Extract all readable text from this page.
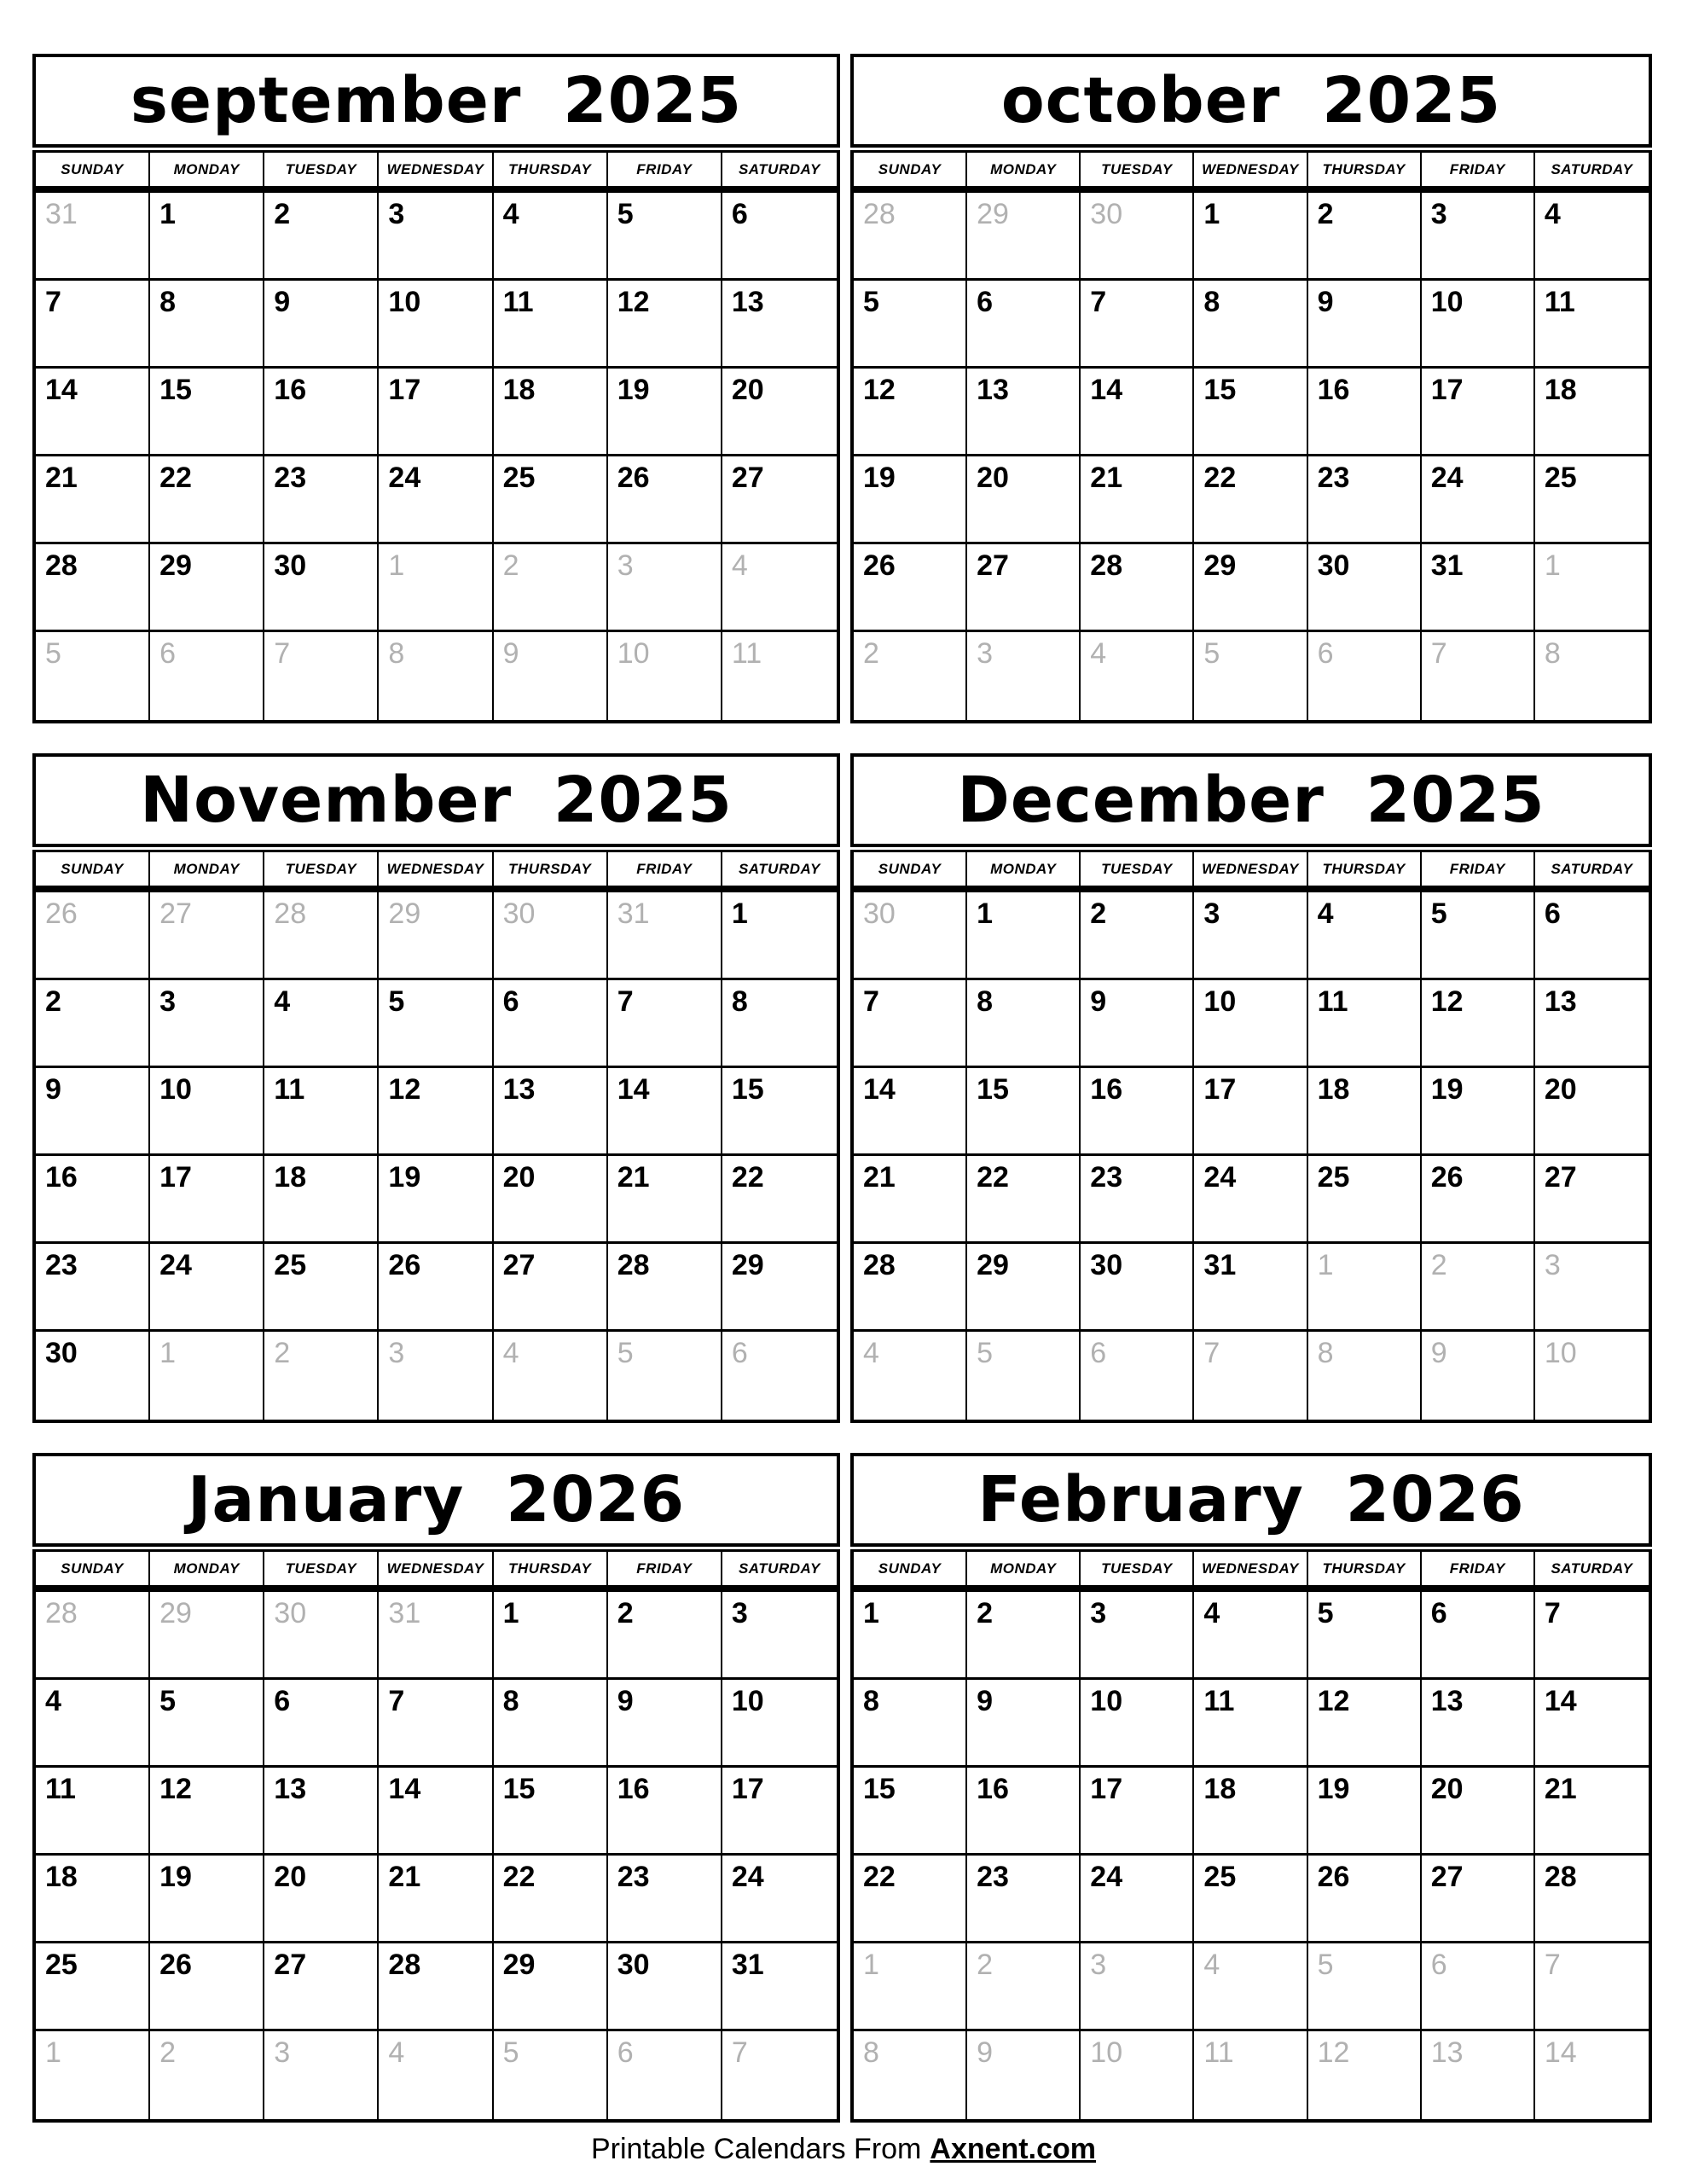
september 2025
SUNDAY	MONDAY	TUESDAY	WEDNESDAY	THURSDAY	FRIDAY	SATURDAY
31	1	2	3	4	5	6
7	8	9	10	11	12	13
14	15	16	17	18	19	20
21	22	23	24	25	26	27
28	29	30	1	2	3	4
5	6	7	8	9	10	11
october 2025
SUNDAY	MONDAY	TUESDAY	WEDNESDAY	THURSDAY	FRIDAY	SATURDAY
28	29	30	1	2	3	4
5	6	7	8	9	10	11
12	13	14	15	16	17	18
19	20	21	22	23	24	25
26	27	28	29	30	31	1
2	3	4	5	6	7	8
November 2025
SUNDAY	MONDAY	TUESDAY	WEDNESDAY	THURSDAY	FRIDAY	SATURDAY
26	27	28	29	30	31	1
2	3	4	5	6	7	8
9	10	11	12	13	14	15
16	17	18	19	20	21	22
23	24	25	26	27	28	29
30	1	2	3	4	5	6
December 2025
SUNDAY	MONDAY	TUESDAY	WEDNESDAY	THURSDAY	FRIDAY	SATURDAY
30	1	2	3	4	5	6
7	8	9	10	11	12	13
14	15	16	17	18	19	20
21	22	23	24	25	26	27
28	29	30	31	1	2	3
4	5	6	7	8	9	10
January 2026
SUNDAY	MONDAY	TUESDAY	WEDNESDAY	THURSDAY	FRIDAY	SATURDAY
28	29	30	31	1	2	3
4	5	6	7	8	9	10
11	12	13	14	15	16	17
18	19	20	21	22	23	24
25	26	27	28	29	30	31
1	2	3	4	5	6	7
February 2026
SUNDAY	MONDAY	TUESDAY	WEDNESDAY	THURSDAY	FRIDAY	SATURDAY
1	2	3	4	5	6	7
8	9	10	11	12	13	14
15	16	17	18	19	20	21
22	23	24	25	26	27	28
1	2	3	4	5	6	7
8	9	10	11	12	13	14
Printable Calendars From Axnent.com
